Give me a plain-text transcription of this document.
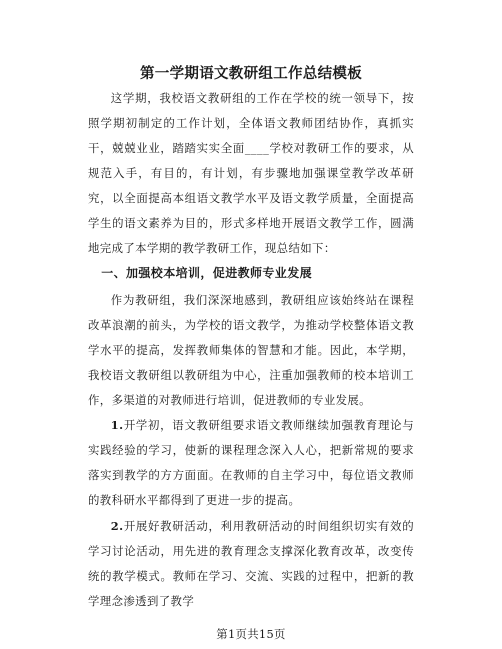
第一学期语文教研组工作总结模板
这学期，我校语文教研组的工作在学校的统一领导下，按照学期初制定的工作计划，全体语文教师团结协作，真抓实干，兢兢业业，踏踏实实全面____学校对教研工作的要求，从规范入手，有目的，有计划，有步骤地加强课堂教学改革研究，以全面提高本组语文教学水平及语文教学质量，全面提高学生的语文素养为目的，形式多样地开展语文教学工作，圆满地完成了本学期的教学教研工作，现总结如下：
一、加强校本培训，促进教师专业发展
作为教研组，我们深深地感到，教研组应该始终站在课程改革浪潮的前头，为学校的语文教学，为推动学校整体语文教学水平的提高，发挥教师集体的智慧和才能。因此，本学期，我校语文教研组以教研组为中心，注重加强教师的校本培训工作，多渠道的对教师进行培训，促进教师的专业发展。
1.开学初，语文教研组要求语文教师继续加强教育理论与实践经验的学习，使新的课程理念深入人心，把新常规的要求落实到教学的方方面面。在教师的自主学习中，每位语文教师的教科研水平都得到了更进一步的提高。
2.开展好教研活动，利用教研活动的时间组织切实有效的学习讨论活动，用先进的教育理念支撑深化教育改革，改变传统的教学模式。教师在学习、交流、实践的过程中，把新的教学理念渗透到了教学
第1页共15页
